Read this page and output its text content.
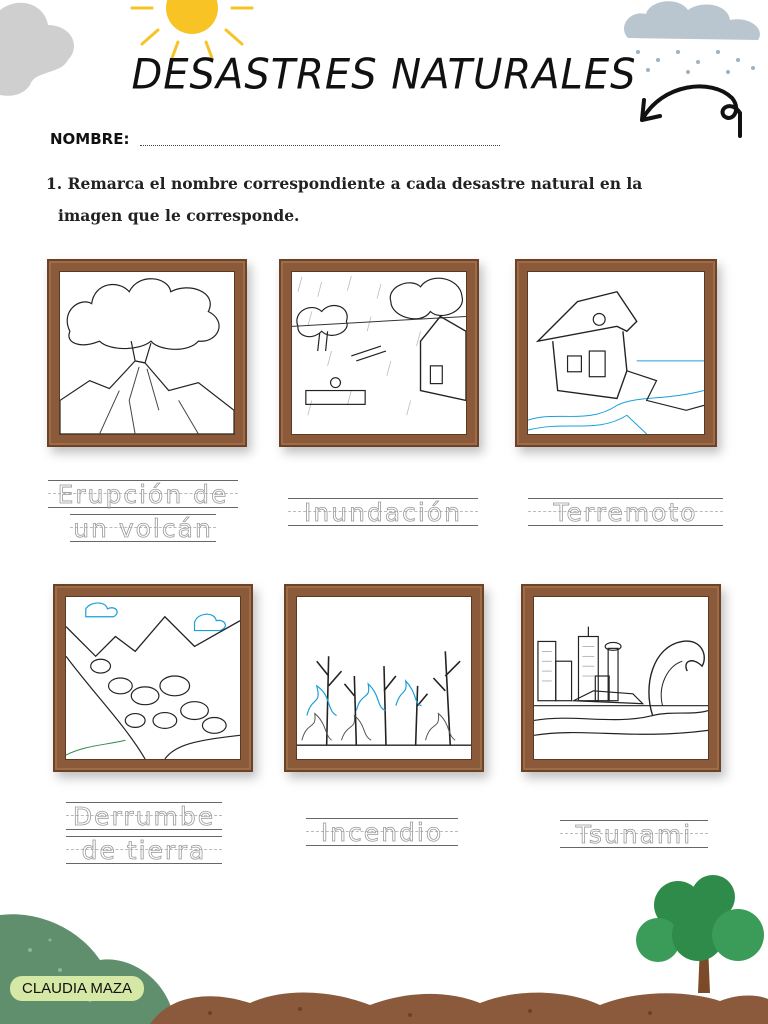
DESASTRES NATURALES
NOMBRE:
1. Remarca el nombre correspondiente a cada desastre natural en la
imagen que le corresponde.
Erupción de
un volcán
Inundación	Terremoto
Derrumbe
de tierra
Incendio	Tsunami
CLAUDIA MAZA
